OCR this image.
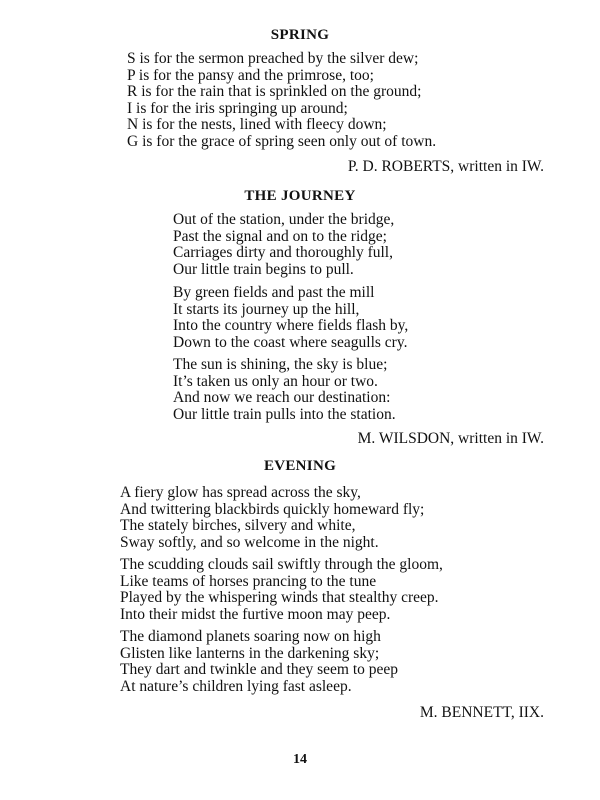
SPRING
S is for the sermon preached by the silver dew;
P is for the pansy and the primrose, too;
R is for the rain that is sprinkled on the ground;
I is for the iris springing up around;
N is for the nests, lined with fleecy down;
G is for the grace of spring seen only out of town.
P. D. ROBERTS, written in IW.
THE JOURNEY
Out of the station, under the bridge,
Past the signal and on to the ridge;
Carriages dirty and thoroughly full,
Our little train begins to pull.
By green fields and past the mill
It starts its journey up the hill,
Into the country where fields flash by,
Down to the coast where seagulls cry.
The sun is shining, the sky is blue;
It’s taken us only an hour or two.
And now we reach our destination:
Our little train pulls into the station.
M. WILSDON, written in IW.
EVENING
A fiery glow has spread across the sky,
And twittering blackbirds quickly homeward fly;
The stately birches, silvery and white,
Sway softly, and so welcome in the night.
The scudding clouds sail swiftly through the gloom,
Like teams of horses prancing to the tune
Played by the whispering winds that stealthy creep.
Into their midst the furtive moon may peep.
The diamond planets soaring now on high
Glisten like lanterns in the darkening sky;
They dart and twinkle and they seem to peep
At nature’s children lying fast asleep.
M. BENNETT, IIX.
14
